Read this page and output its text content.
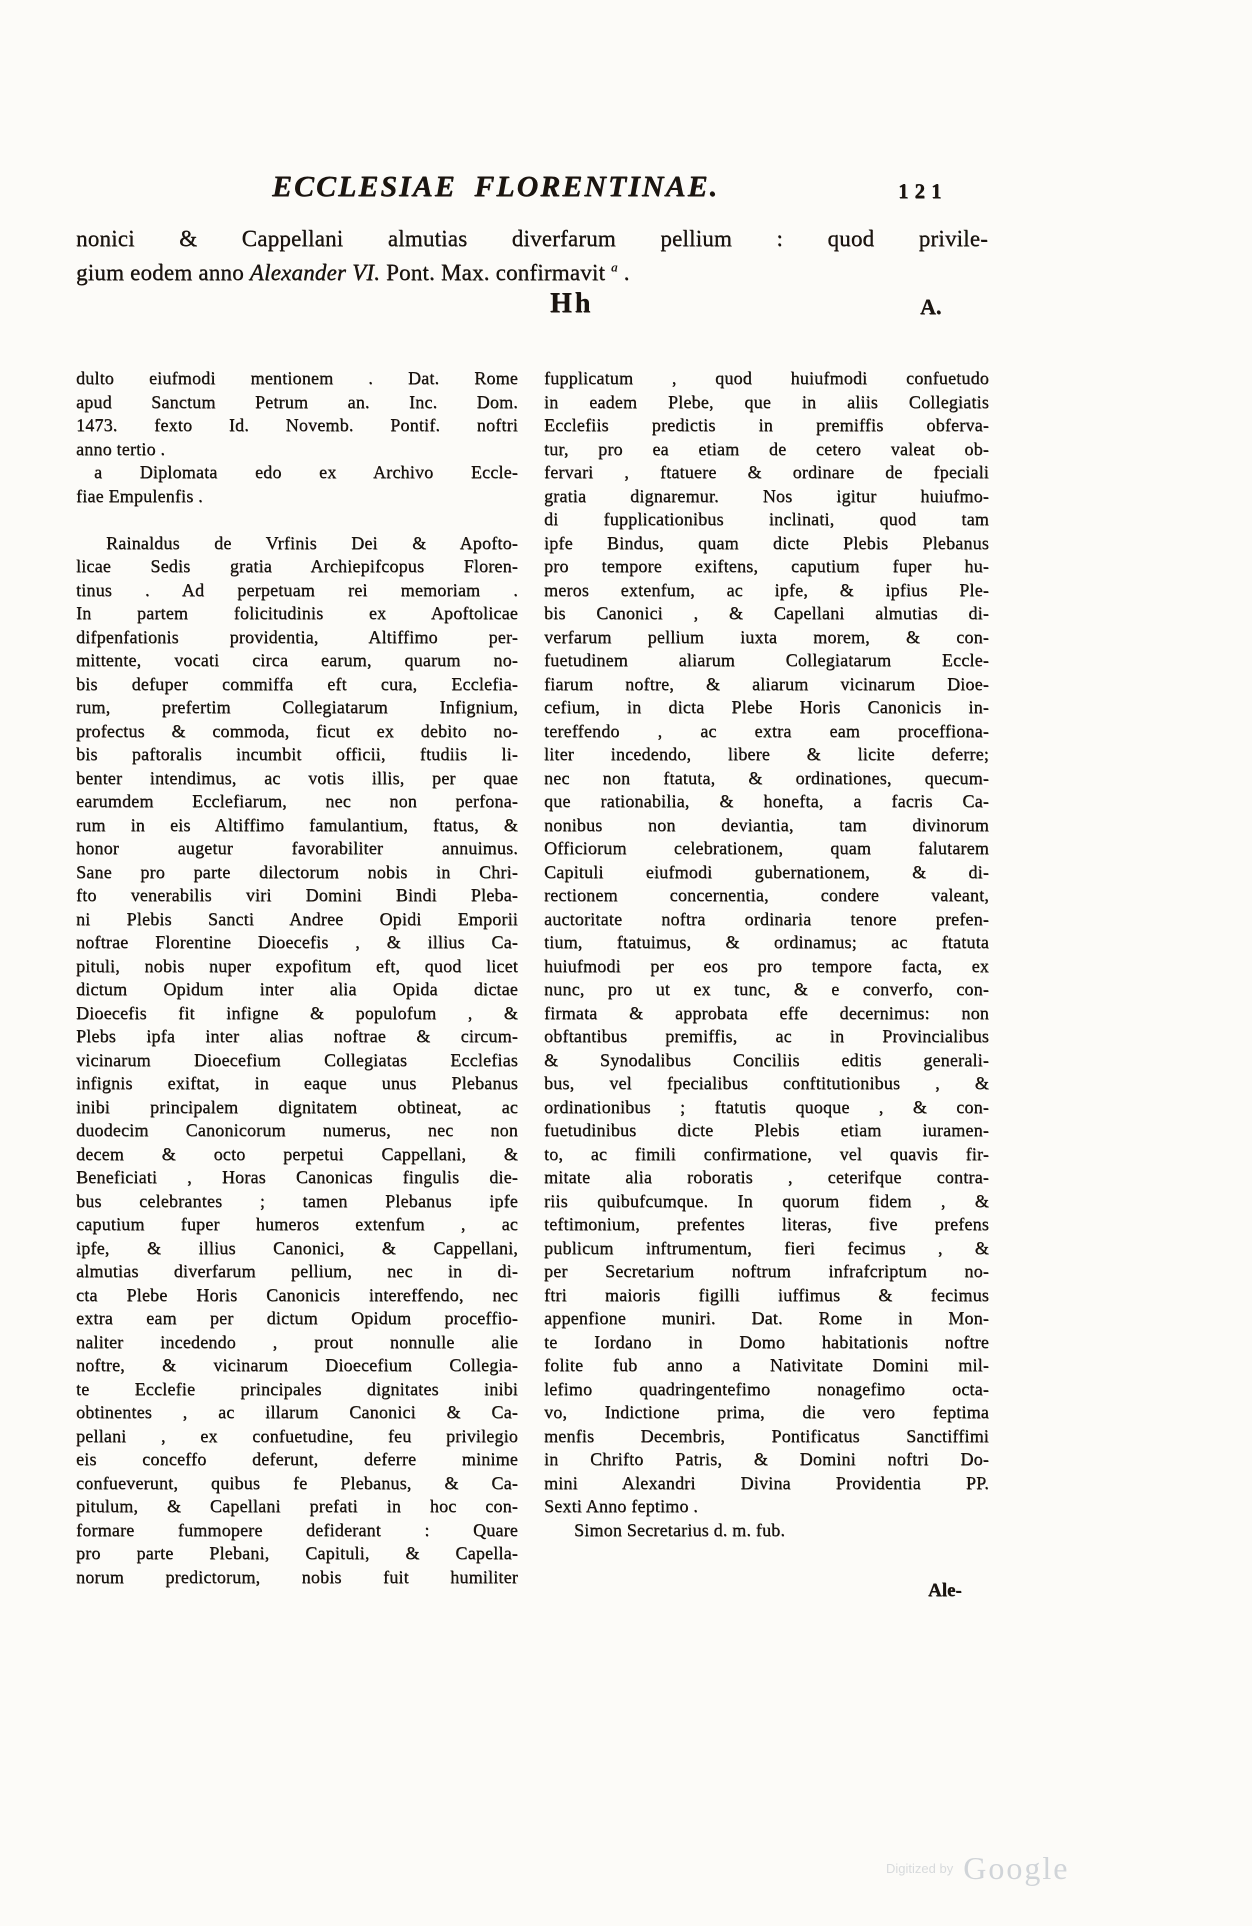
ECCLESIAE FLORENTINAE.	121
nonici & Cappellani almutias diverfarum pellium : quod privile-
gium eodem anno Alexander VI. Pont. Max. confirmavit $^a$ .
Hh	A.
dulto eiufmodi mentionem . Dat. Rome
apud Sanctum Petrum an. Inc. Dom.
1473. fexto Id. Novemb. Pontif. noftri
anno tertio .
a Diplomata edo ex Archivo Eccle-
fiae Empulenfis .
Rainaldus de Vrfinis Dei & Apofto-
licae Sedis gratia Archiepifcopus Floren-
tinus . Ad perpetuam rei memoriam .
In partem folicitudinis ex Apoftolicae
difpenfationis providentia, Altiffimo per-
mittente, vocati circa earum, quarum no-
bis defuper commiffa eft cura, Ecclefia-
rum, prefertim Collegiatarum Infignium,
profectus & commoda, ficut ex debito no-
bis paftoralis incumbit officii, ftudiis li-
benter intendimus, ac votis illis, per quae
earumdem Ecclefiarum, nec non perfona-
rum in eis Altiffimo famulantium, ftatus, &
honor augetur favorabiliter annuimus.
Sane pro parte dilectorum nobis in Chri-
fto venerabilis viri Domini Bindi Pleba-
ni Plebis Sancti Andree Opidi Emporii
noftrae Florentine Dioecefis , & illius Ca-
pituli, nobis nuper expofitum eft, quod licet
dictum Opidum inter alia Opida dictae
Dioecefis fit infigne & populofum , &
Plebs ipfa inter alias noftrae & circum-
vicinarum Dioecefium Collegiatas Ecclefias
infignis exiftat, in eaque unus Plebanus
inibi principalem dignitatem obtineat, ac
duodecim Canonicorum numerus, nec non
decem & octo perpetui Cappellani, &
Beneficiati , Horas Canonicas fingulis die-
bus celebrantes ; tamen Plebanus ipfe
caputium fuper humeros extenfum , ac
ipfe, & illius Canonici, & Cappellani,
almutias diverfarum pellium, nec in di-
cta Plebe Horis Canonicis intereffendo, nec
extra eam per dictum Opidum proceffio-
naliter incedendo , prout nonnulle alie
noftre, & vicinarum Dioecefium Collegia-
te Ecclefie principales dignitates inibi
obtinentes , ac illarum Canonici & Ca-
pellani , ex confuetudine, feu privilegio
eis conceffo deferunt, deferre minime
confueverunt, quibus fe Plebanus, & Ca-
pitulum, & Capellani prefati in hoc con-
formare fummopere defiderant : Quare
pro parte Plebani, Capituli, & Capella-
norum predictorum, nobis fuit humiliter
fupplicatum , quod huiufmodi confuetudo
in eadem Plebe, que in aliis Collegiatis
Ecclefiis predictis in premiffis obferva-
tur, pro ea etiam de cetero valeat ob-
fervari , ftatuere & ordinare de fpeciali
gratia dignaremur. Nos igitur huiufmo-
di fupplicationibus inclinati, quod tam
ipfe Bindus, quam dicte Plebis Plebanus
pro tempore exiftens, caputium fuper hu-
meros extenfum, ac ipfe, & ipfius Ple-
bis Canonici , & Capellani almutias di-
verfarum pellium iuxta morem, & con-
fuetudinem aliarum Collegiatarum Eccle-
fiarum noftre, & aliarum vicinarum Dioe-
cefium, in dicta Plebe Horis Canonicis in-
tereffendo , ac extra eam proceffiona-
liter incedendo, libere & licite deferre;
nec non ftatuta, & ordinationes, quecum-
que rationabilia, & honefta, a facris Ca-
nonibus non deviantia, tam divinorum
Officiorum celebrationem, quam falutarem
Capituli eiufmodi gubernationem, & di-
rectionem concernentia, condere valeant,
auctoritate noftra ordinaria tenore prefen-
tium, ftatuimus, & ordinamus; ac ftatuta
huiufmodi per eos pro tempore facta, ex
nunc, pro ut ex tunc, & e converfo, con-
firmata & approbata effe decernimus: non
obftantibus premiffis, ac in Provincialibus
& Synodalibus Conciliis editis generali-
bus, vel fpecialibus conftitutionibus , &
ordinationibus ; ftatutis quoque , & con-
fuetudinibus dicte Plebis etiam iuramen-
to, ac fimili confirmatione, vel quavis fir-
mitate alia roboratis , ceterifque contra-
riis quibufcumque. In quorum fidem , &
teftimonium, prefentes literas, five prefens
publicum inftrumentum, fieri fecimus , &
per Secretarium noftrum infrafcriptum no-
ftri maioris figilli iuffimus & fecimus
appenfione muniri. Dat. Rome in Mon-
te Iordano in Domo habitationis noftre
folite fub anno a Nativitate Domini mil-
lefimo quadringentefimo nonagefimo octa-
vo, Indictione prima, die vero feptima
menfis Decembris, Pontificatus Sanctiffimi
in Chrifto Patris, & Domini noftri Do-
mini Alexandri Divina Providentia PP.
Sexti Anno feptimo .
Simon Secretarius d. m. fub.
Ale-
Digitized by Google
